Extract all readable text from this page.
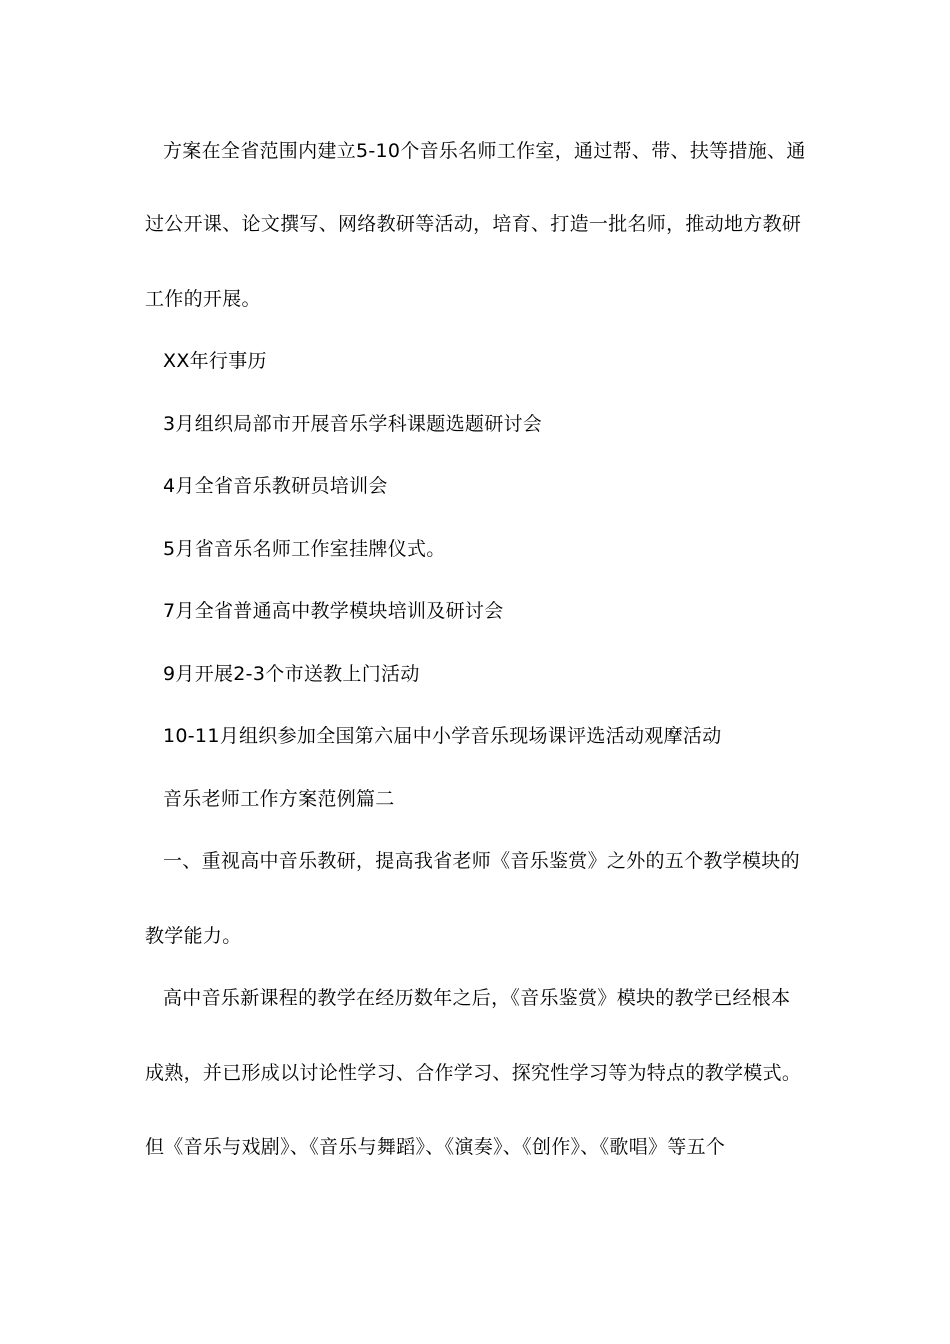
方案在全省范围内建立5-10个音乐名师工作室，通过帮、带、扶等措施、通
过公开课、论文撰写、网络教研等活动，培育、打造一批名师，推动地方教研
工作的开展。
XX年行事历
3月组织局部市开展音乐学科课题选题研讨会
4月全省音乐教研员培训会
5月省音乐名师工作室挂牌仪式。
7月全省普通高中教学模块培训及研讨会
9月开展2-3个市送教上门活动
10-11月组织参加全国第六届中小学音乐现场课评选活动观摩活动
音乐老师工作方案范例篇二
一、重视高中音乐教研，提高我省老师《音乐鉴赏》之外的五个教学模块的
教学能力。
高中音乐新课程的教学在经历数年之后，《音乐鉴赏》模块的教学已经根本
成熟，并已形成以讨论性学习、合作学习、探究性学习等为特点的教学模式。
但《音乐与戏剧》、《音乐与舞蹈》、《演奏》、《创作》、《歌唱》等五个
